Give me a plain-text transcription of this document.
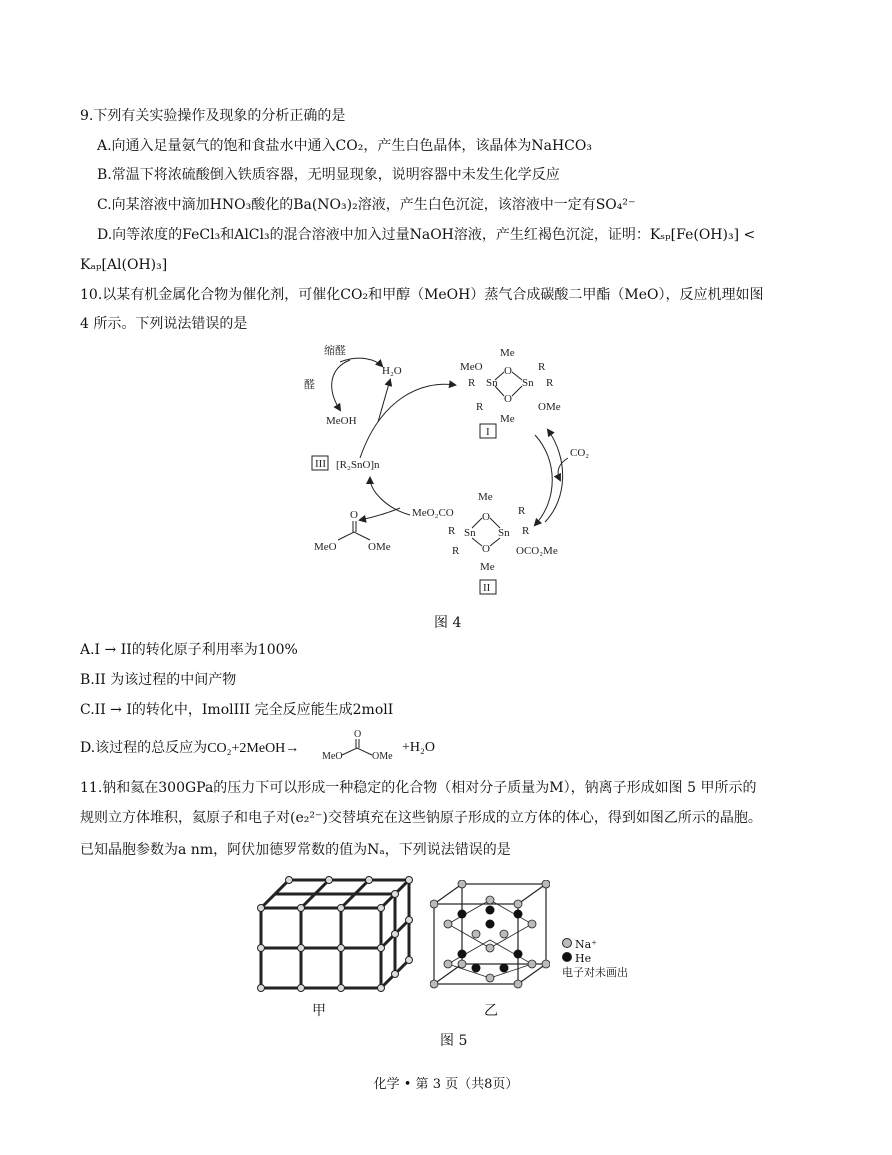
9.下列有关实验操作及现象的分析正确的是
A.向通入足量氨气的饱和食盐水中通入CO₂，产生白色晶体，该晶体为NaHCO₃
B.常温下将浓硫酸倒入铁质容器，无明显现象，说明容器中未发生化学反应
C.向某溶液中滴加HNO₃酸化的Ba(NO₃)₂溶液，产生白色沉淀，该溶液中一定有SO₄²⁻
D.向等浓度的FeCl₃和AlCl₃的混合溶液中加入过量NaOH溶液，产生红褐色沉淀，证明：Kₛₚ[Fe(OH)₃] <
Kₐₚ[Al(OH)₃]
10.以某有机金属化合物为催化剂，可催化CO₂和甲醇（MeOH）蒸气合成碳酸二甲酯（MeO），反应机理如图
4 所示。下列说法错误的是
缩醛
醛
H₂O
MeOH
CO₂
III [R₂SnO]n
MeO
Me
R
R Sn
O
O
Sn R
R	OMe
Me
I
Me
MeO₂CO	R
O
R Sn Sn R
O
R	OCO₂Me
Me
II
O
MeO	OMe
图 4
A.I → II的转化原子利用率为100%
B.II 为该过程的中间产物
C.II → I的转化中，ImolIII 完全反应能生成2molI
D.该过程的总反应为CO₂+2MeOH→
O
MeO	OMe
+H₂O
11.钠和氦在300GPa的压力下可以形成一种稳定的化合物（相对分子质量为M），钠离子形成如图 5 甲所示的
规则立方体堆积，氦原子和电子对(e₂²⁻)交替填充在这些钠原子形成的立方体的体心，得到如图乙所示的晶胞。
已知晶胞参数为a nm，阿伏加德罗常数的值为Nₐ，下列说法错误的是
甲	乙
Na⁺
He
电子对未画出
图 5
化学 • 第 3 页（共8页）
